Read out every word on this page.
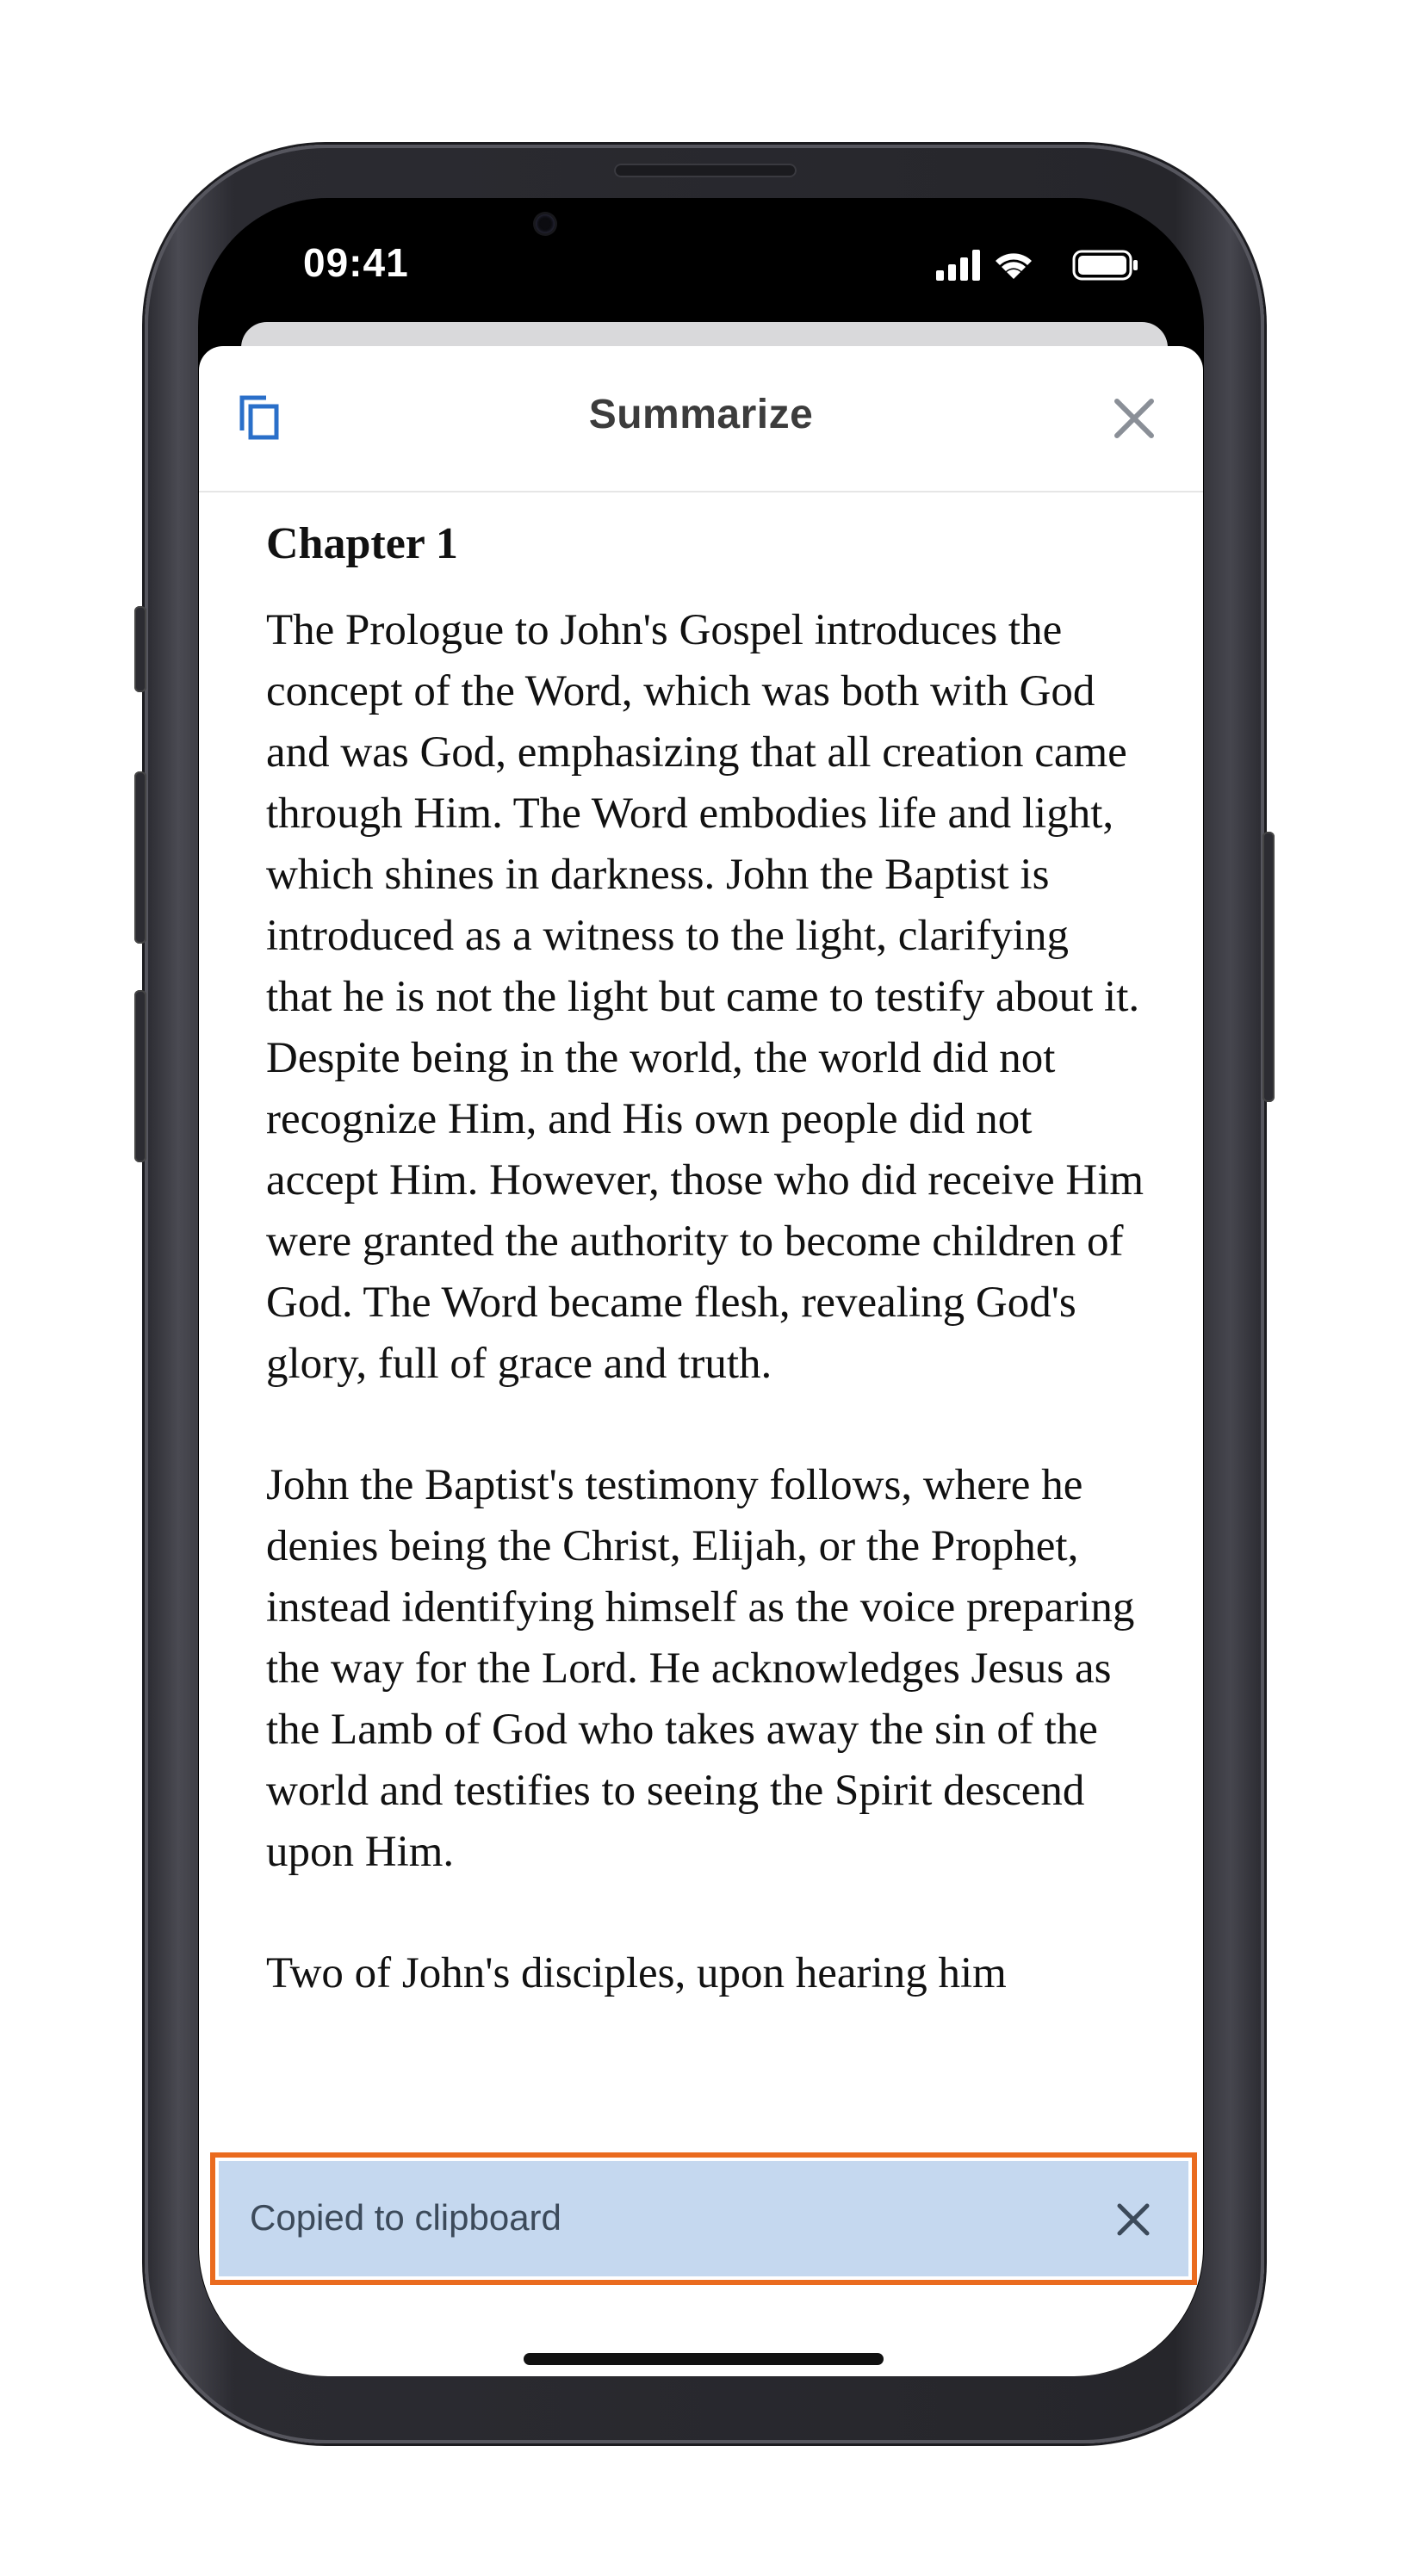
09:41
Summarize
Chapter 1

The Prologue to John's Gospel introduces the concept of the Word, which was both with God and was God, emphasizing that all creation came through Him. The Word embodies life and light, which shines in darkness. John the Baptist is introduced as a witness to the light, clarifying that he is not the light but came to testify about it. Despite being in the world, the world did not recognize Him, and His own people did not accept Him. However, those who did receive Him were granted the authority to become children of God. The Word became flesh, revealing God's glory, full of grace and truth.

John the Baptist's testimony follows, where he denies being the Christ, Elijah, or the Prophet, instead identifying himself as the voice preparing the way for the Lord. He acknowledges Jesus as the Lamb of God who takes away the sin of the world and testifies to seeing the Spirit descend upon Him.

Two of John's disciples, upon hearing him

Copied to clipboard
